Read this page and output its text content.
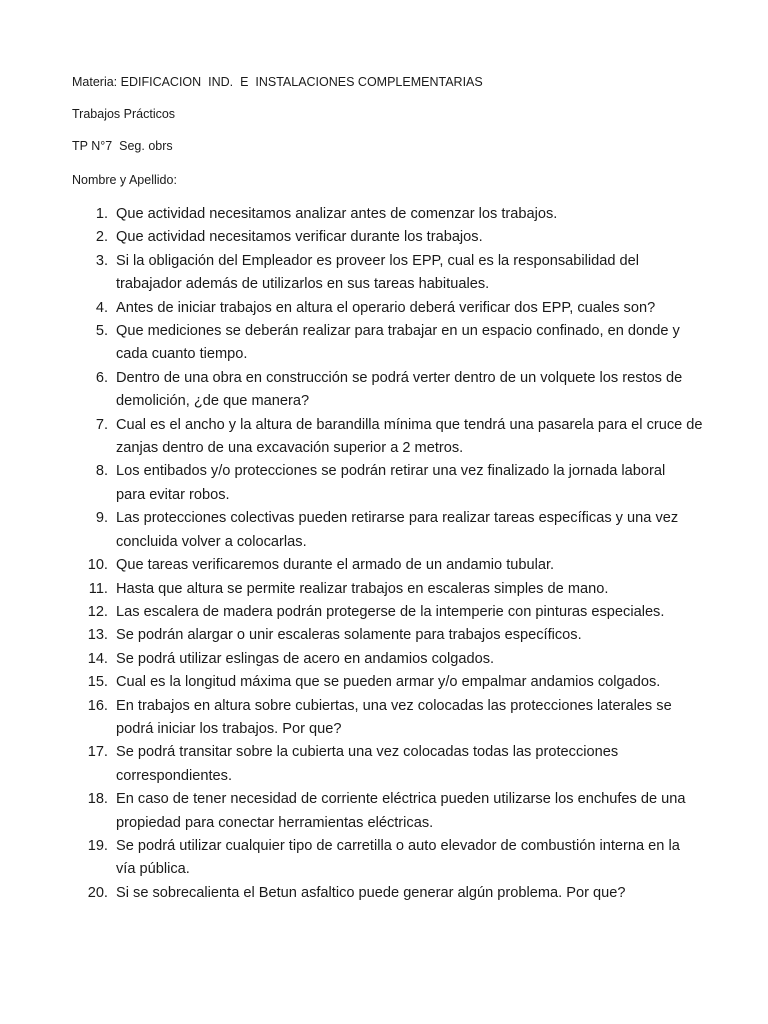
Materia: EDIFICACION  IND.  E  INSTALACIONES COMPLEMENTARIAS
Trabajos Prácticos
TP N°7  Seg. obrs
Nombre y Apellido:
1. Que actividad necesitamos analizar antes de comenzar los trabajos.
2. Que actividad necesitamos verificar durante los trabajos.
3. Si la obligación del Empleador es proveer los EPP, cual es la responsabilidad del
trabajador además de utilizarlos en sus tareas habituales.
4. Antes de iniciar trabajos en altura el operario deberá verificar dos EPP, cuales son?
5. Que mediciones se deberán realizar para trabajar en un espacio confinado, en donde y
cada cuanto tiempo.
6. Dentro de una obra en construcción se podrá verter dentro de un volquete los restos de
demolición, ¿de que manera?
7. Cual es el ancho y la altura de barandilla mínima que tendrá una pasarela para el cruce de
zanjas dentro de una excavación superior a 2 metros.
8. Los entibados y/o protecciones se podrán retirar una vez finalizado la jornada laboral
para evitar robos.
9. Las protecciones colectivas pueden retirarse para realizar tareas específicas y una vez
concluida volver a colocarlas.
10. Que tareas verificaremos durante el armado de un andamio tubular.
11. Hasta que altura se permite realizar trabajos en escaleras simples de mano.
12. Las escalera de madera podrán protegerse de la intemperie con pinturas especiales.
13. Se podrán alargar o unir escaleras solamente para trabajos específicos.
14. Se podrá utilizar eslingas de acero en andamios colgados.
15. Cual es la longitud máxima que se pueden armar y/o empalmar andamios colgados.
16. En trabajos en altura sobre cubiertas, una vez colocadas las protecciones laterales se
podrá iniciar los trabajos. Por que?
17. Se podrá transitar sobre la cubierta una vez colocadas todas las protecciones
correspondientes.
18. En caso de tener necesidad de corriente eléctrica pueden utilizarse los enchufes de una
propiedad para conectar herramientas eléctricas.
19. Se podrá utilizar cualquier tipo de carretilla o auto elevador de combustión interna en la
vía pública.
20. Si se sobrecalienta el Betun asfaltico puede generar algún problema. Por que?
